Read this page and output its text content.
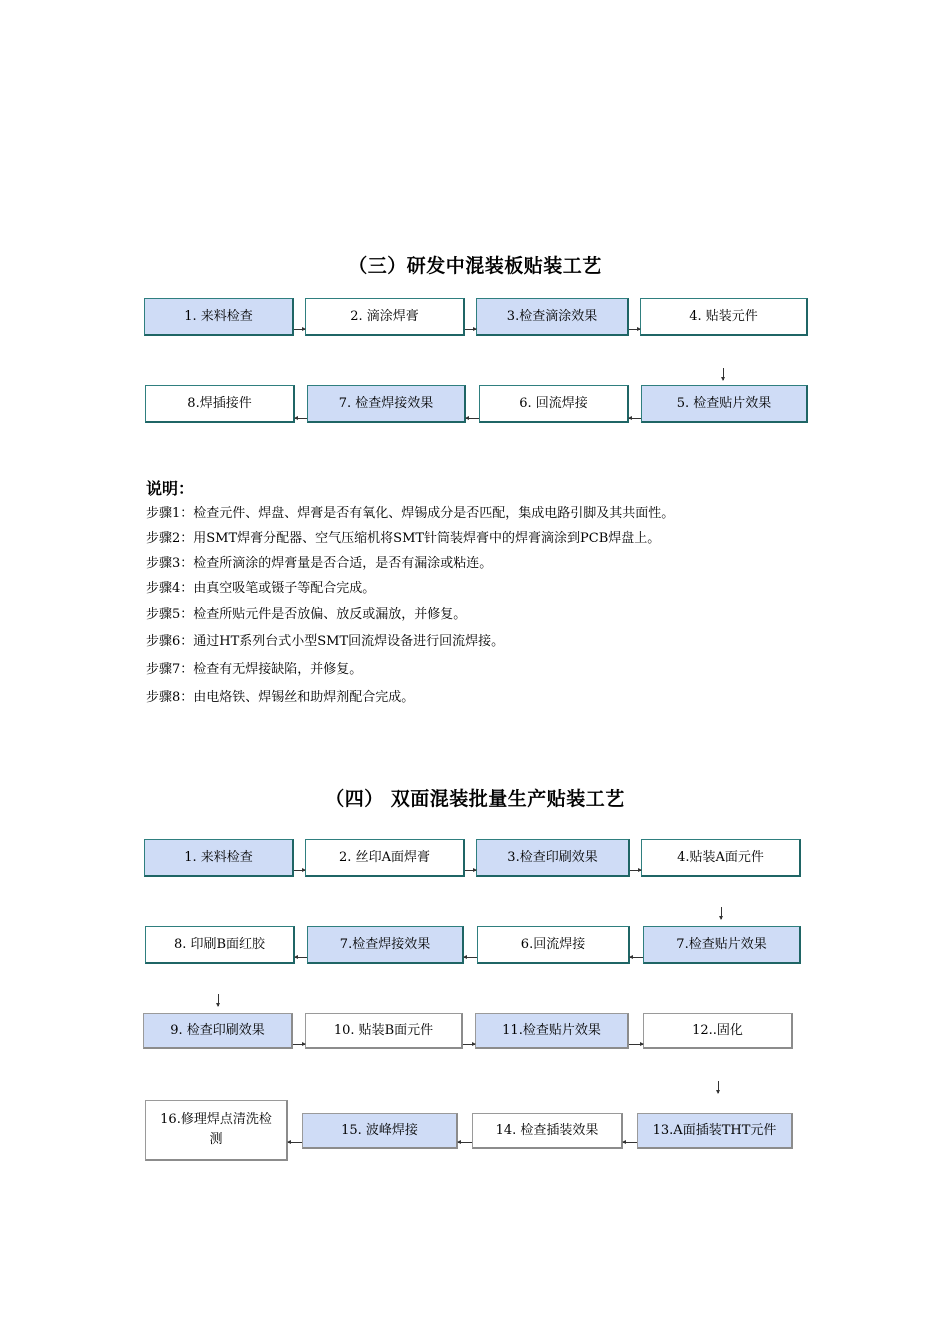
（三）研发中混装板贴装工艺
1. 来料检查	2. 滴涂焊膏	3.检查滴涂效果	4. 贴装元件
8.焊插接件	7. 检查焊接效果	6. 回流焊接	5. 检查贴片效果
说明：
步骤1：检查元件、焊盘、焊膏是否有氧化、焊锡成分是否匹配，集成电路引脚及其共面性。
步骤2：用SMT焊膏分配器、空气压缩机将SMT针筒装焊膏中的焊膏滴涂到PCB焊盘上。
步骤3：检查所滴涂的焊膏量是否合适，是否有漏涂或粘连。
步骤4：由真空吸笔或镊子等配合完成。
步骤5：检查所贴元件是否放偏、放反或漏放，并修复。
步骤6：通过HT系列台式小型SMT回流焊设备进行回流焊接。
步骤7：检查有无焊接缺陷，并修复。
步骤8：由电烙铁、焊锡丝和助焊剂配合完成。
（四） 双面混装批量生产贴装工艺
1. 来料检查	2. 丝印A面焊膏	3.检查印刷效果	4.贴装A面元件
8. 印刷B面红胶	7.检查焊接效果	6.回流焊接	7.检查贴片效果
9. 检查印刷效果	10. 贴装B面元件	11.检查贴片效果	12..固化
16.修理焊点清洗检测
15. 波峰焊接	14. 检查插装效果	13.A面插装THT元件
